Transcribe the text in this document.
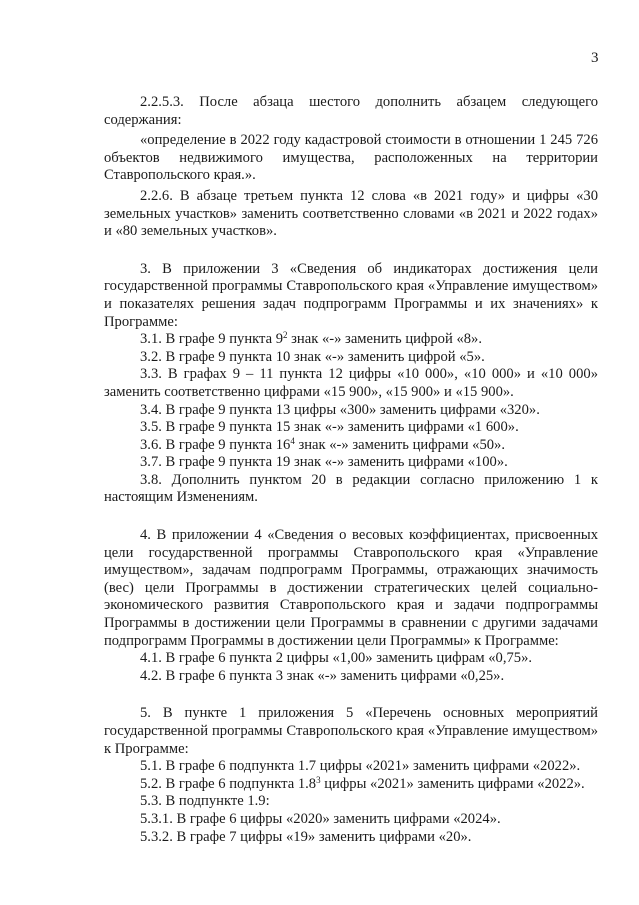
3

2.2.5.3. После абзаца шестого дополнить абзацем следующего содержания:

«определение в 2022 году кадастровой стоимости в отношении 1 245 726 объектов недвижимого имущества, расположенных на территории Ставропольского края.».

2.2.6. В абзаце третьем пункта 12 слова «в 2021 году» и цифры «30 земельных участков» заменить соответственно словами «в 2021 и 2022 годах» и «80 земельных участков».

3. В приложении 3 «Сведения об индикаторах достижения цели государственной программы Ставропольского края «Управление имуществом» и показателях решения задач подпрограмм Программы и их значениях» к Программе:

3.1. В графе 9 пункта $9^2$ знак «-» заменить цифрой «8».

3.2. В графе 9 пункта 10 знак «-» заменить цифрой «5».

3.3. В графах 9 – 11 пункта 12 цифры «10 000», «10 000» и «10 000» заменить соответственно цифрами «15 900», «15 900» и «15 900».

3.4. В графе 9 пункта 13 цифры «300» заменить цифрами «320».

3.5. В графе 9 пункта 15 знак «-» заменить цифрами «1 600».

3.6. В графе 9 пункта $16^4$ знак «-» заменить цифрами «50».

3.7. В графе 9 пункта 19 знак «-» заменить цифрами «100».

3.8. Дополнить пунктом 20 в редакции согласно приложению 1 к настоящим Изменениям.

4. В приложении 4 «Сведения о весовых коэффициентах, присвоенных цели государственной программы Ставропольского края «Управление имуществом», задачам подпрограмм Программы, отражающих значимость (вес) цели Программы в достижении стратегических целей социально-экономического развития Ставропольского края и задачи подпрограммы Программы в достижении цели Программы в сравнении с другими задачами подпрограмм Программы в достижении цели Программы» к Программе:

4.1. В графе 6 пункта 2 цифры «1,00» заменить цифрам «0,75».

4.2. В графе 6 пункта 3 знак «-» заменить цифрами «0,25».

5. В пункте 1 приложения 5 «Перечень основных мероприятий государственной программы Ставропольского края «Управление имуществом» к Программе:

5.1. В графе 6 подпункта 1.7 цифры «2021» заменить цифрами «2022».

5.2. В графе 6 подпункта $1.8^3$ цифры «2021» заменить цифрами «2022».

5.3. В подпункте 1.9:

5.3.1. В графе 6 цифры «2020» заменить цифрами «2024».

5.3.2. В графе 7 цифры «19» заменить цифрами «20».
